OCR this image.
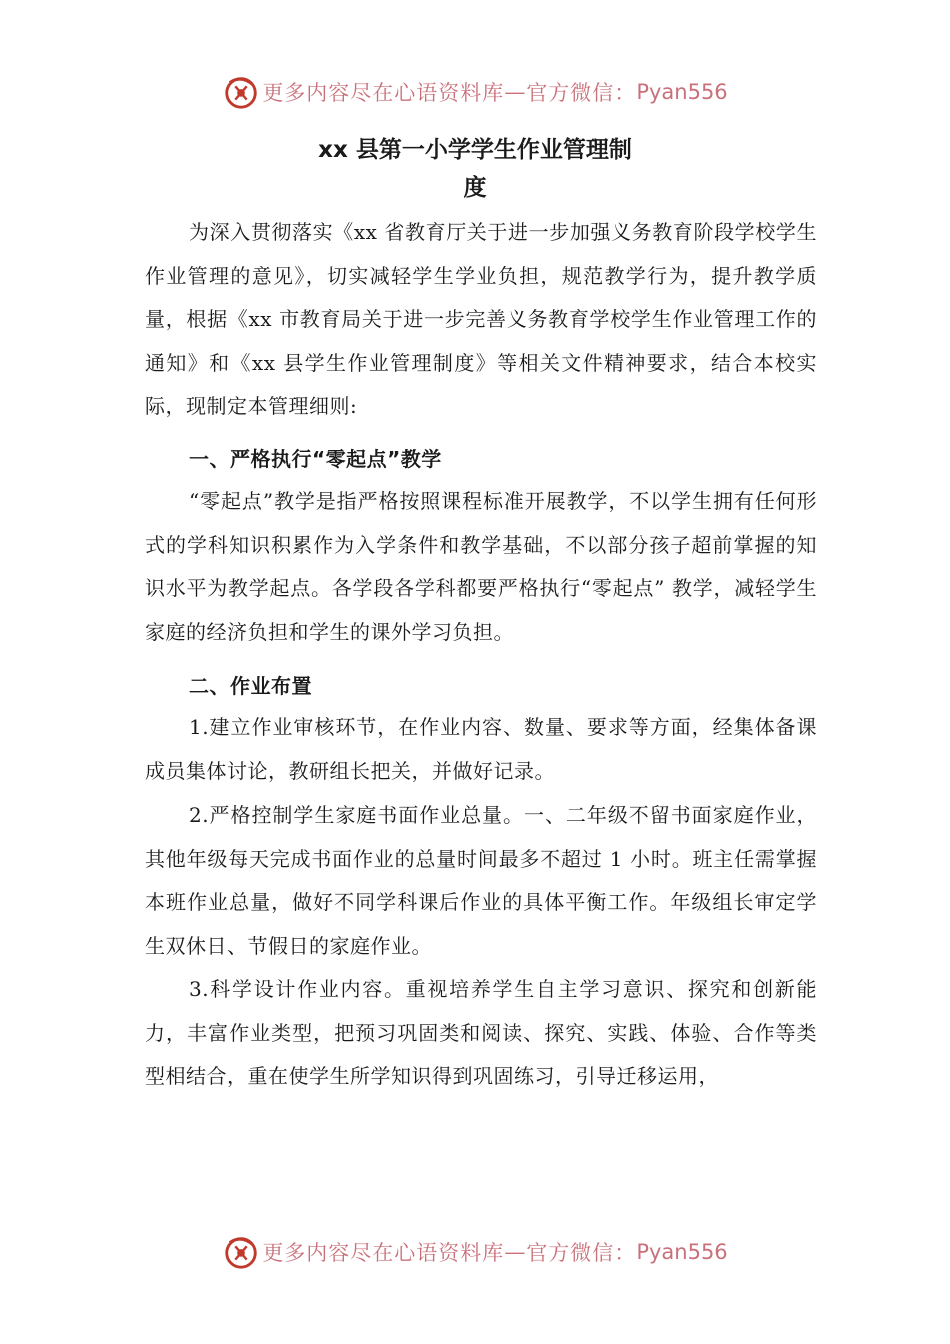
更多内容尽在心语资料库 — 官方微信： Pyan556
xx 县第一小学学生作业管理制
度

为深入贯彻落实《xx 省教育厅关于进一步加强义务教育阶段学校学生作业管理的意见》，切实减轻学生学业负担，规范教学行为，提升教学质量，根据《xx 市教育局关于进一步完善义务教育学校学生作业管理工作的通知》和《xx 县学生作业管理制度》等相关文件精神要求，结合本校实际，现制定本管理细则:

一、严格执行“零起点”教学

“零起点”教学是指严格按照课程标准开展教学，不以学生拥有任何形式的学科知识积累作为入学条件和教学基础，不以部分孩子超前掌握的知识水平为教学起点。各学段各学科都要严格执行“零起点” 教学，减轻学生家庭的经济负担和学生的课外学习负担。

二、作业布置

1.建立作业审核环节，在作业内容、数量、要求等方面，经集体备课成员集体讨论，教研组长把关，并做好记录。

2.严格控制学生家庭书面作业总量。一、二年级不留书面家庭作业，其他年级每天完成书面作业的总量时间最多不超过 1 小时。班主任需掌握本班作业总量，做好不同学科课后作业的具体平衡工作。年级组长审定学生双休日、节假日的家庭作业。

3.科学设计作业内容。重视培养学生自主学习意识、探究和创新能力，丰富作业类型，把预习巩固类和阅读、探究、实践、体验、合作等类型相结合，重在使学生所学知识得到巩固练习，引导迁移运用，

更多内容尽在心语资料库 — 官方微信： Pyan556
